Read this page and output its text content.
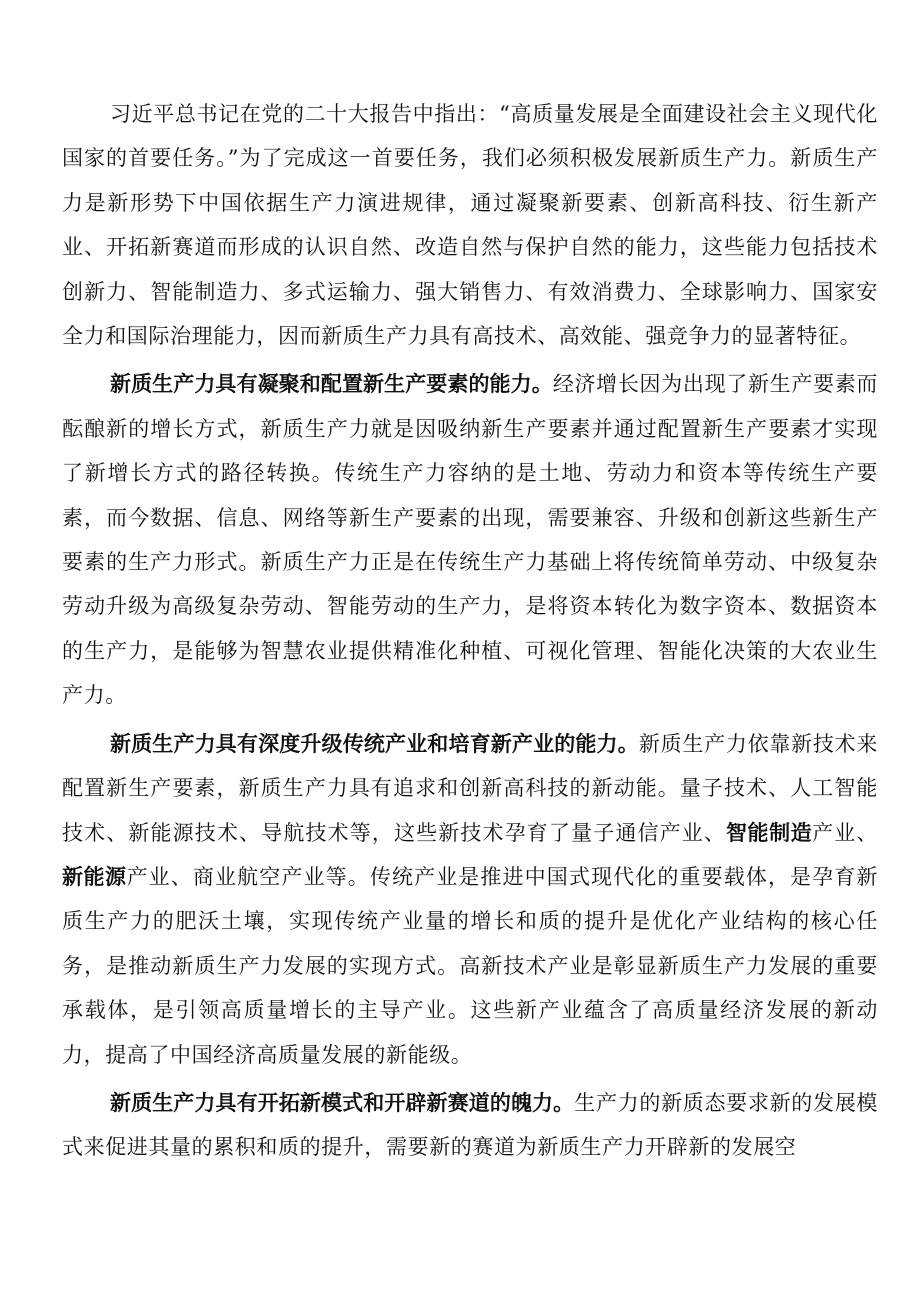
习近平总书记在党的二十大报告中指出：“高质量发展是全面建设社会主义现代化国家的首要任务。”为了完成这一首要任务，我们必须积极发展新质生产力。新质生产力是新形势下中国依据生产力演进规律，通过凝聚新要素、创新高科技、衍生新产业、开拓新赛道而形成的认识自然、改造自然与保护自然的能力，这些能力包括技术创新力、智能制造力、多式运输力、强大销售力、有效消费力、全球影响力、国家安全力和国际治理能力，因而新质生产力具有高技术、高效能、强竞争力的显著特征。

新质生产力具有凝聚和配置新生产要素的能力。经济增长因为出现了新生产要素而酝酿新的增长方式，新质生产力就是因吸纳新生产要素并通过配置新生产要素才实现了新增长方式的路径转换。传统生产力容纳的是土地、劳动力和资本等传统生产要素，而今数据、信息、网络等新生产要素的出现，需要兼容、升级和创新这些新生产要素的生产力形式。新质生产力正是在传统生产力基础上将传统简单劳动、中级复杂劳动升级为高级复杂劳动、智能劳动的生产力，是将资本转化为数字资本、数据资本的生产力，是能够为智慧农业提供精准化种植、可视化管理、智能化决策的大农业生产力。

新质生产力具有深度升级传统产业和培育新产业的能力。新质生产力依靠新技术来配置新生产要素，新质生产力具有追求和创新高科技的新动能。量子技术、人工智能技术、新能源技术、导航技术等，这些新技术孕育了量子通信产业、智能制造产业、新能源产业、商业航空产业等。传统产业是推进中国式现代化的重要载体，是孕育新质生产力的肥沃土壤，实现传统产业量的增长和质的提升是优化产业结构的核心任务，是推动新质生产力发展的实现方式。高新技术产业是彰显新质生产力发展的重要承载体，是引领高质量增长的主导产业。这些新产业蕴含了高质量经济发展的新动力，提高了中国经济高质量发展的新能级。

新质生产力具有开拓新模式和开辟新赛道的魄力。生产力的新质态要求新的发展模式来促进其量的累积和质的提升，需要新的赛道为新质生产力开辟新的发展空
